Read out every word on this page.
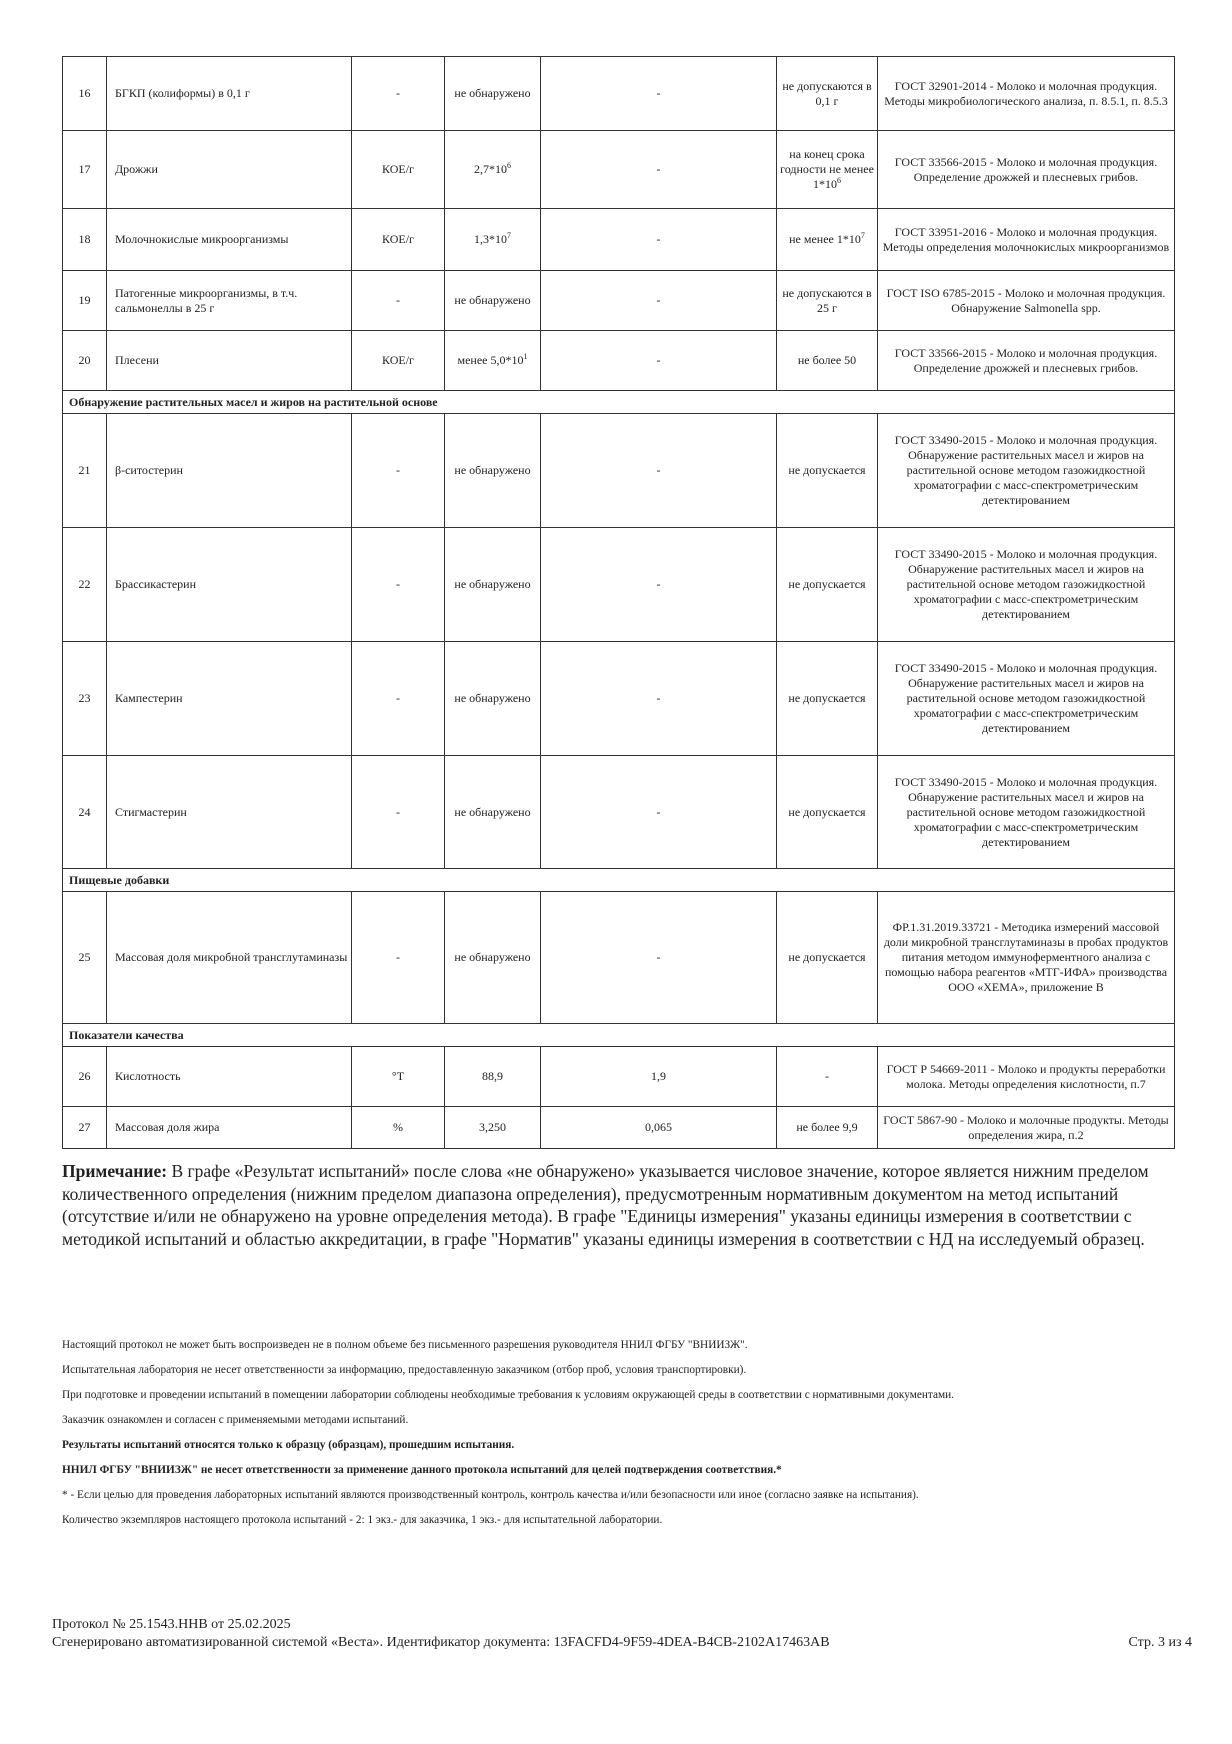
16	БГКП (колиформы) в 0,1 г	-	не обнаружено	-	не допускаются в 0,1 г	ГОСТ 32901-2014 - Молоко и молочная продукция. Методы микробиологического анализа, п. 8.5.1, п. 8.5.3
17	Дрожжи	КОЕ/г	$2,7*10^6$	-	на конец срока годности не менее $1*10^6$	ГОСТ 33566-2015 - Молоко и молочная продукция. Определение дрожжей и плесневых грибов.
18	Молочнокислые микроорганизмы	КОЕ/г	$1,3*10^7$	-	не менее $1*10^7$	ГОСТ 33951-2016 - Молоко и молочная продукция. Методы определения молочнокислых микроорганизмов
19	Патогенные микроорганизмы, в т.ч. сальмонеллы в 25 г	-	не обнаружено	-	не допускаются в 25 г	ГОСТ ISO 6785-2015 - Молоко и молочная продукция. Обнаружение Salmonella spp.
20	Плесени	КОЕ/г	менее $5,0*10^1$	-	не более 50	ГОСТ 33566-2015 - Молоко и молочная продукция. Определение дрожжей и плесневых грибов.
Обнаружение растительных масел и жиров на растительной основе						
21	β-ситостерин	-	не обнаружено	-	не допускается	ГОСТ 33490-2015 - Молоко и молочная продукция. Обнаружение растительных масел и жиров на растительной основе методом газожидкостной хроматографии с масс-спектрометрическим детектированием
22	Брассикастерин	-	не обнаружено	-	не допускается	ГОСТ 33490-2015 - Молоко и молочная продукция. Обнаружение растительных масел и жиров на растительной основе методом газожидкостной хроматографии с масс-спектрометрическим детектированием
23	Кампестерин	-	не обнаружено	-	не допускается	ГОСТ 33490-2015 - Молоко и молочная продукция. Обнаружение растительных масел и жиров на растительной основе методом газожидкостной хроматографии с масс-спектрометрическим детектированием
24	Стигмастерин	-	не обнаружено	-	не допускается	ГОСТ 33490-2015 - Молоко и молочная продукция. Обнаружение растительных масел и жиров на растительной основе методом газожидкостной хроматографии с масс-спектрометрическим детектированием
Пищевые добавки						
25	Массовая доля микробной трансглутаминазы	-	не обнаружено	-	не допускается	ФР.1.31.2019.33721 - Методика измерений массовой доли микробной трансглутаминазы в пробах продуктов питания методом иммуноферментного анализа с помощью набора реагентов «МТГ-ИФА» производства ООО «ХЕМА», приложение В
Показатели качества						
26	Кислотность	°Т	88,9	1,9	-	ГОСТ Р 54669-2011 - Молоко и продукты переработки молока. Методы определения кислотности, п.7
27	Массовая доля жира	%	3,250	0,065	не более 9,9	ГОСТ 5867-90 - Молоко и молочные продукты. Методы определения жира, п.2
Примечание: В графе «Результат испытаний» после слова «не обнаружено» указывается числовое значение, которое является нижним пределом количественного определения (нижним пределом диапазона определения), предусмотренным нормативным документом на метод испытаний (отсутствие и/или не обнаружено на уровне определения метода). В графе "Единицы измерения" указаны единицы измерения в соответствии с методикой испытаний и областью аккредитации, в графе "Норматив" указаны единицы измерения в соответствии с НД на исследуемый образец.
Настоящий протокол не может быть воспроизведен не в полном объеме без письменного разрешения руководителя ННИЛ ФГБУ "ВНИИЗЖ".
Испытательная лаборатория не несет ответственности за информацию, предоставленную заказчиком (отбор проб, условия транспортировки).
При подготовке и проведении испытаний в помещении лаборатории соблюдены необходимые требования к условиям окружающей среды в соответствии с нормативными документами.
Заказчик ознакомлен и согласен с применяемыми методами испытаний.
Результаты испытаний относятся только к образцу (образцам), прошедшим испытания.
ННИЛ ФГБУ "ВНИИЗЖ" не несет ответственности за применение данного протокола испытаний для целей подтверждения соответствия.*
* - Если целью для проведения лабораторных испытаний являются производственный контроль, контроль качества и/или безопасности или иное (согласно заявке на испытания).
Количество экземпляров настоящего протокола испытаний - 2: 1 экз.- для заказчика, 1 экз.- для испытательной лаборатории.
Протокол № 25.1543.ННВ от 25.02.2025
Сгенерировано автоматизированной системой «Веста». Идентификатор документа: 13FACFD4-9F59-4DEA-B4CB-2102A17463AB	Стр. 3 из 4
